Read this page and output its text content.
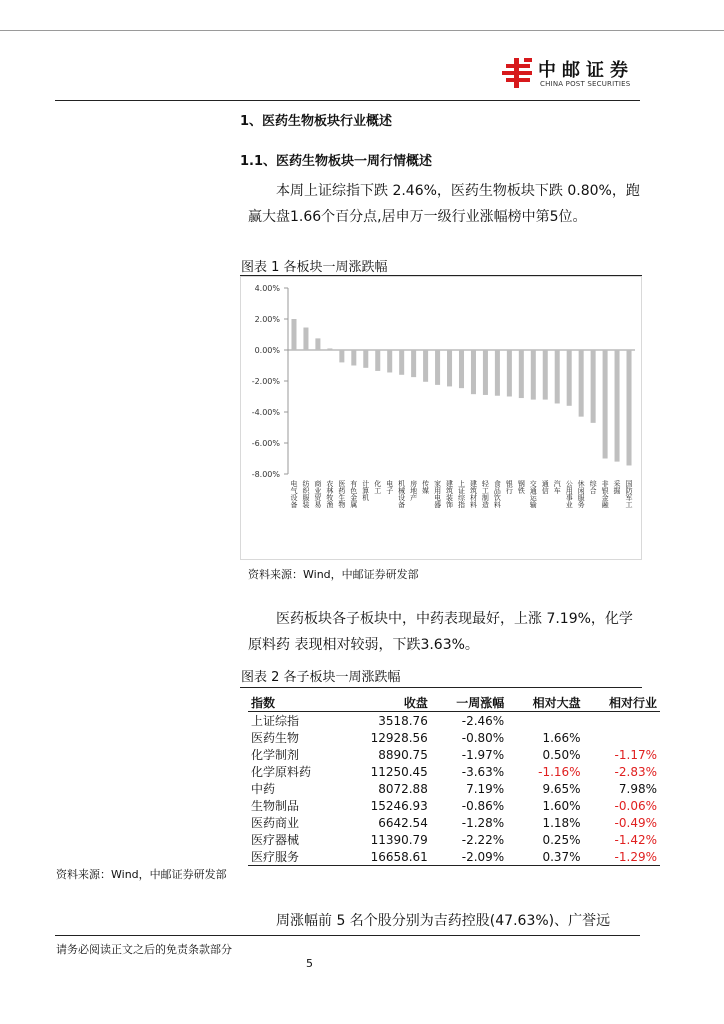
中邮证券
CHINA POST SECURITIES
1、医药生物板块行业概述
1.1、医药生物板块一周行情概述
本周上证综指下跌 2.46%，医药生物板块下跌 0.80%，跑赢大盘1.66个百分点,居申万一级行业涨幅榜中第5位。
图表 1 各板块一周涨跌幅
4.00%
2.00%
0.00%
-2.00%
-4.00%
-6.00%
-8.00%
电气设备 纺织服装 商业贸易 农林牧渔 医药生物 有色金属 计算机 化工 电子 机械设备 房地产 传媒 家用电器 建筑装饰 上证综指 建筑材料 轻工制造 食品饮料 银行 钢铁 交通运输 通信 汽车 公用事业 休闲服务 综合 非银金融 采掘 国防军工
资料来源：Wind，中邮证券研发部
医药板块各子板块中，中药表现最好，上涨 7.19%，化学原料药 表现相对较弱，下跌3.63%。
图表 2 各子板块一周涨跌幅
指数	收盘	一周涨幅	相对大盘	相对行业
上证综指	3518.76	-2.46%		
医药生物	12928.56	-0.80%	1.66%	
化学制剂	8890.75	-1.97%	0.50%	-1.17%
化学原料药	11250.45	-3.63%	-1.16%	-2.83%
中药	8072.88	7.19%	9.65%	7.98%
生物制品	15246.93	-0.86%	1.60%	-0.06%
医药商业	6642.54	-1.28%	1.18%	-0.49%
医疗器械	11390.79	-2.22%	0.25%	-1.42%
医疗服务	16658.61	-2.09%	0.37%	-1.29%
资料来源：Wind，中邮证券研发部
周涨幅前 5 名个股分别为吉药控股(47.63%)、广誉远
请务必阅读正文之后的免责条款部分
5
